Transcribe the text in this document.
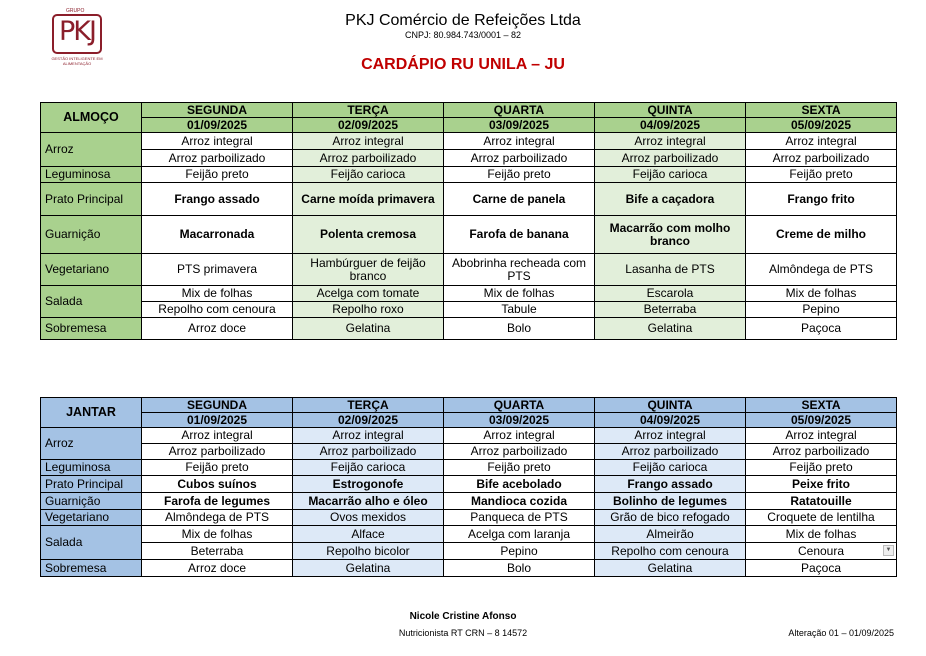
GRUPO
PKJ
GESTÃO INTELIGENTE EM ALIMENTAÇÃO
PKJ Comércio de Refeições Ltda
CNPJ: 80.984.743/0001 – 82
CARDÁPIO RU UNILA – JU
ALMOÇO	SEGUNDA	TERÇA	QUARTA	QUINTA	SEXTA
	01/09/2025	02/09/2025	03/09/2025	04/09/2025	05/09/2025
Arroz	Arroz integral	Arroz integral	Arroz integral	Arroz integral	Arroz integral
	Arroz parboilizado	Arroz parboilizado	Arroz parboilizado	Arroz parboilizado	Arroz parboilizado
Leguminosa	Feijão preto	Feijão carioca	Feijão preto	Feijão carioca	Feijão preto
Prato Principal	Frango assado	Carne moída primavera	Carne de panela	Bife a caçadora	Frango frito
Guarnição	Macarronada	Polenta cremosa	Farofa de banana	Macarrão com molho branco	Creme de milho
Vegetariano	PTS primavera	Hambúrguer de feijão branco	Abobrinha recheada com PTS	Lasanha de PTS	Almôndega de PTS
Salada	Mix de folhas	Acelga com tomate	Mix de folhas	Escarola	Mix de folhas
	Repolho com cenoura	Repolho roxo	Tabule	Beterraba	Pepino
Sobremesa	Arroz doce	Gelatina	Bolo	Gelatina	Paçoca
JANTAR	SEGUNDA	TERÇA	QUARTA	QUINTA	SEXTA
	01/09/2025	02/09/2025	03/09/2025	04/09/2025	05/09/2025
Arroz	Arroz integral	Arroz integral	Arroz integral	Arroz integral	Arroz integral
	Arroz parboilizado	Arroz parboilizado	Arroz parboilizado	Arroz parboilizado	Arroz parboilizado
Leguminosa	Feijão preto	Feijão carioca	Feijão preto	Feijão carioca	Feijão preto
Prato Principal	Cubos suínos	Estrogonofe	Bife acebolado	Frango assado	Peixe frito
Guarnição	Farofa de legumes	Macarrão alho e óleo	Mandioca cozida	Bolinho de legumes	Ratatouille
Vegetariano	Almôndega de PTS	Ovos mexidos	Panqueca de PTS	Grão de bico refogado	Croquete de lentilha
Salada	Mix de folhas	Alface	Acelga com laranja	Almeirão	Mix de folhas
	Beterraba	Repolho bicolor	Pepino	Repolho com cenoura	Cenoura ▼

Sobremesa	Arroz doce	Gelatina	Bolo	Gelatina	Paçoca
Nicole Cristine Afonso
Nutricionista RT CRN – 8 14572	Alteração 01 – 01/09/2025
